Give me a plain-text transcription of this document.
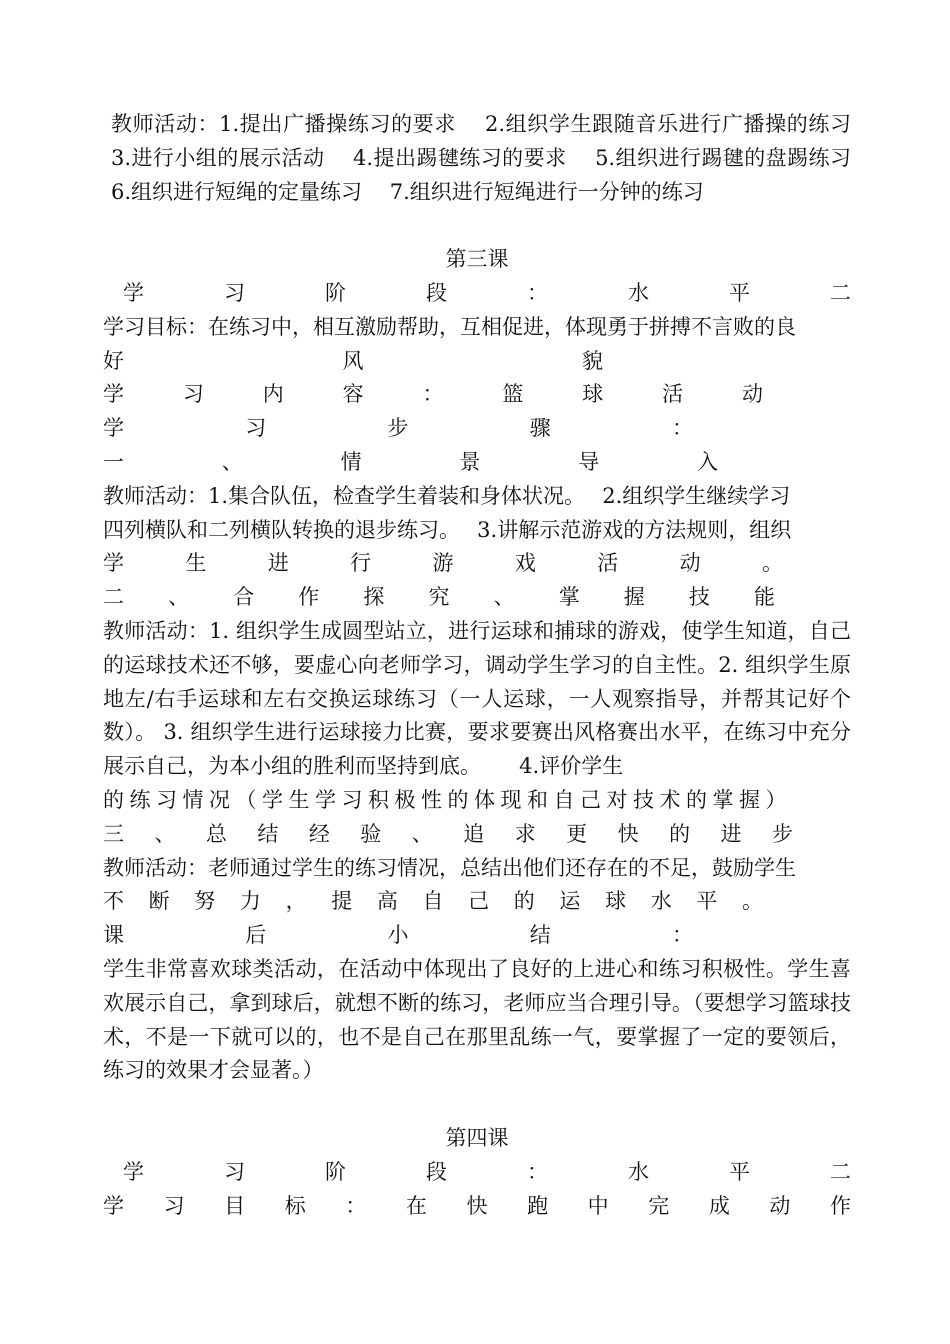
教师活动：1.提出广播操练习的要求　 2.组织学生跟随音乐进行广播操的练习　3.进行小组的展示活动　 4.提出踢毽练习的要求　 5.组织进行踢毽的盘踢练习　　 6.组织进行短绳的定量练习　 7.组织进行短绳进行一分钟的练习
第三课
学习阶段：水平二
学习目标：在练习中，相互激励帮助，互相促进，体现勇于拼搏不言败的良
好风貌
学习内容：篮球活动
学习步骤：
一、情景导入
教师活动：1.集合队伍，检查学生着装和身体状况。　 2.组织学生继续学习
四列横队和二列横队转换的退步练习。　 3.讲解示范游戏的方法规则，组织
学生进行游戏活动。
二、合作探究、掌握技能
教师活动：1. 组织学生成圆型站立，进行运球和捕球的游戏，使学生知道，自己的运球技术还不够，要虚心向老师学习，调动学生学习的自主性。2. 组织学生原地左/右手运球和左右交换运球练习（一人运球，一人观察指导，并帮其记好个数）。 3. 组织学生进行运球接力比赛，要求要赛出风格赛出水平，在练习中充分展示自己，为本小组的胜利而坚持到底。　　 4.评价学生
的练习情况（学生学习积极性的体现和自己对技术的掌握）
三、总结经验、追求更快的进步
教师活动：老师通过学生的练习情况，总结出他们还存在的不足，鼓励学生
不断努力，提高自己的运球水平。
课后小结：
学生非常喜欢球类活动，在活动中体现出了良好的上进心和练习积极性。学生喜欢展示自己，拿到球后，就想不断的练习，老师应当合理引导。（要想学习篮球技术，不是一下就可以的，也不是自己在那里乱练一气，要掌握了一定的要领后，练习的效果才会显著。）
第四课
学习阶段：水平二
学习目标：在快跑中完成动作
